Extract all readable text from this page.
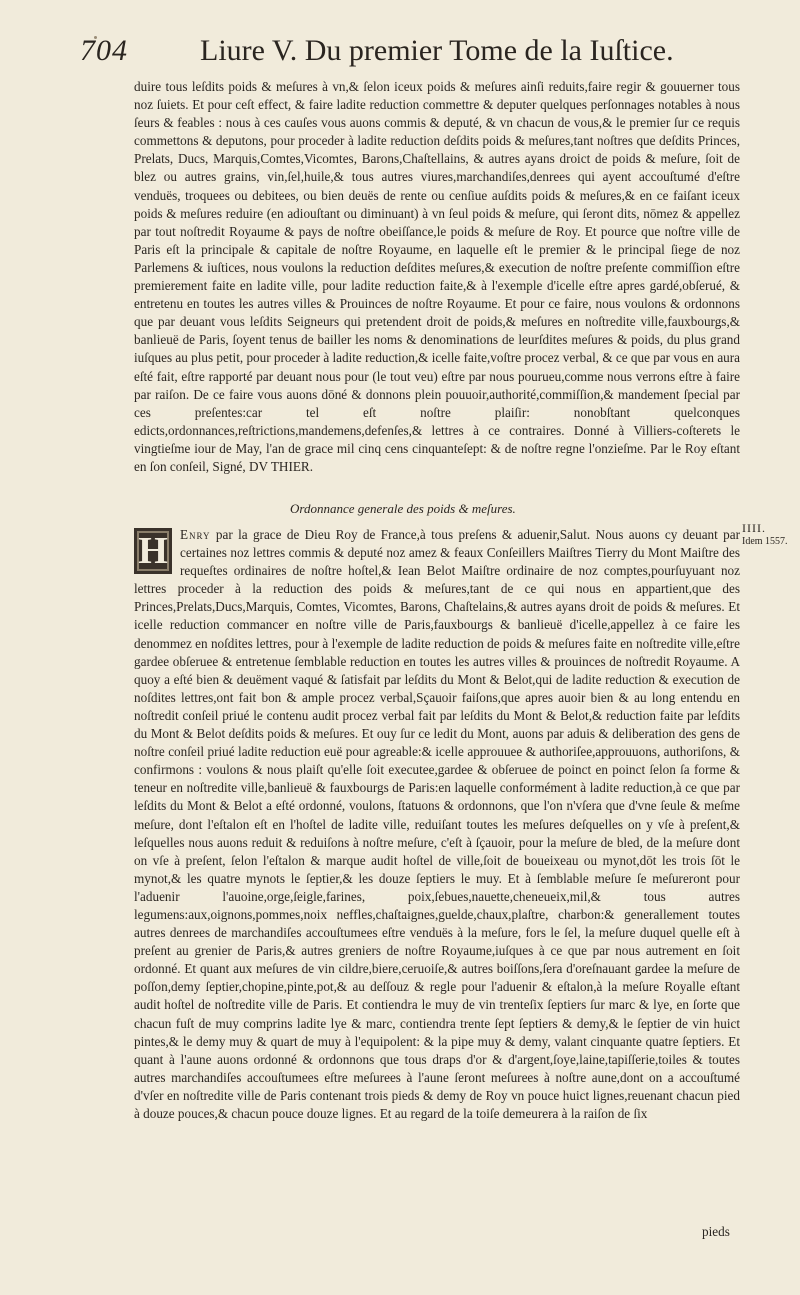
704 Liure V. Du premier Tome de la Iuſtice.

duire tous leſdits poids & meſures à vn,& ſelon iceux poids & meſures ainſi reduits,faire regir & gouuerner tous noz ſuiets. Et pour ceſt effect, & faire ladite reduction commettre & deputer quelques perſonnages notables à nous ſeurs & feables : nous à ces cauſes vous auons commis & deputé, & vn chacun de vous,& le premier ſur ce requis commettons & deputons, pour proceder à ladite reduction deſdits poids & meſures,tant noſtres que deſdits Princes, Prelats, Ducs, Marquis,Comtes,Vicomtes, Barons,Chaſtellains, & autres ayans droict de poids & meſure, ſoit de blez ou autres grains, vin,ſel,huile,& tous autres viures,marchandiſes,denrees qui ayent accouſtumé d'eſtre venduës, troquees ou debitees, ou bien deuës de rente ou cenſiue auſdits poids & meſures,& en ce faiſant iceux poids & meſures reduire (en adiouſtant ou diminuant) à vn ſeul poids & meſure, qui ſeront dits, nōmez & appellez par tout noſtredit Royaume & pays de noſtre obeiſſance,le poids & meſure de Roy. Et pource que noſtre ville de Paris eſt la principale & capitale de noſtre Royaume, en laquelle eſt le premier & le principal ſiege de noz Parlemens & iuſtices, nous voulons la reduction deſdites meſures,& execution de noſtre preſente commiſſion eſtre premierement faite en ladite ville, pour ladite reduction faite,& à l'exemple d'icelle eſtre apres gardé,obſerué, & entretenu en toutes les autres villes & Prouinces de noſtre Royaume. Et pour ce faire, nous voulons & ordonnons que par deuant vous leſdits Seigneurs qui pretendent droit de poids,& meſures en noſtredite ville,fauxbourgs,& banlieuë de Paris, ſoyent tenus de bailler les noms & denominations de leurſdites meſures & poids, du plus grand iuſques au plus petit, pour proceder à ladite reduction,& icelle faite,voſtre procez verbal, & ce que par vous en aura eſté fait, eſtre rapporté par deuant nous pour (le tout veu) eſtre par nous pourueu,comme nous verrons eſtre à faire par raiſon. De ce faire vous auons dōné & donnons plein pouuoir,authorité,commiſſion,& mandement ſpecial par ces preſentes:car tel eſt noſtre plaiſir: nonobſtant quelconques edicts,ordonnances,reſtrictions,mandemens,defenſes,& lettres à ce contraires. Donné à Villiers-coſterets le vingtieſme iour de May, l'an de grace mil cinq cens cinquanteſept: & de noſtre regne l'onzieſme. Par le Roy eſtant en ſon conſeil, Signé, DV THIER.

Ordonnance generale des poids & meſures.

H Enry par la grace de Dieu Roy de France,à tous preſens & aduenir,Salut. Nous auons cy deuant par certaines noz lettres commis & deputé noz amez & feaux Conſeillers Maiſtres Tierry du Mont Maiſtre des requeſtes ordinaires de noſtre hoſtel,& Iean Belot Maiſtre ordinaire de noz comptes,pourſuyuant noz lettres proceder à la reduction des poids & meſures,tant de ce qui nous en appartient,que des Princes,Prelats,Ducs,Marquis, Comtes, Vicomtes, Barons, Chaſtelains,& autres ayans droit de poids & meſures. Et icelle reduction commancer en noſtre ville de Paris,fauxbourgs & banlieuë d'icelle,appellez à ce faire les denommez en noſdites lettres, pour à l'exemple de ladite reduction de poids & meſures faite en noſtredite ville,eſtre gardee obſeruee & entretenue ſemblable reduction en toutes les autres villes & prouinces de noſtredit Royaume. A quoy a eſté bien & deuëment vaqué & ſatisfait par leſdits du Mont & Belot,qui de ladite reduction & execution de noſdites lettres,ont fait bon & ample procez verbal,Sçauoir faiſons,que apres auoir bien & au long entendu en noſtredit conſeil priué le contenu audit procez verbal fait par leſdits du Mont & Belot,& reduction faite par leſdits du Mont & Belot deſdits poids & meſures. Et ouy ſur ce ledit du Mont, auons par aduis & deliberation des gens de noſtre conſeil priué ladite reduction euë pour agreable:& icelle approuuee & authoriſee,approuuons, authoriſons, & confirmons : voulons & nous plaiſt qu'elle ſoit executee,gardee & obſeruee de poinct en poinct ſelon ſa forme & teneur en noſtredite ville,banlieuë & fauxbourgs de Paris:en laquelle conformément à ladite reduction,à ce que par leſdits du Mont & Belot a eſté ordonné, voulons, ſtatuons & ordonnons, que l'on n'vſera que d'vne ſeule & meſme meſure, dont l'eſtalon eſt en l'hoſtel de ladite ville, reduiſant toutes les meſures deſquelles on y vſe à preſent,& leſquelles nous auons reduit & reduiſons à noſtre meſure, c'eſt à ſçauoir, pour la meſure de bled, de la meſure dont on vſe à preſent, ſelon l'eſtalon & marque audit hoſtel de ville,ſoit de boueixeau ou mynot,dōt les trois ſōt le mynot,& les quatre mynots le ſeptier,& les douze ſeptiers le muy. Et à ſemblable meſure ſe meſureront pour l'aduenir l'auoine,orge,ſeigle,farines, poix,ſebues,nauette,cheneueix,mil,& tous autres legumens:aux,oignons,pommes,noix neffles,chaſtaignes,guelde,chaux,plaſtre, charbon:& generallement toutes autres denrees de marchandiſes accouſtumees eſtre venduës à la meſure, fors le ſel, la meſure duquel quelle eſt à preſent au grenier de Paris,& autres greniers de noſtre Royaume,iuſques à ce que par nous autrement en ſoit ordonné. Et quant aux meſures de vin cildre,biere,ceruoiſe,& autres boiſſons,ſera d'oreſnauant gardee la meſure de poſſon,demy ſeptier,chopine,pinte,pot,& au deſſouz & regle pour l'aduenir & eſtalon,à la meſure Royalle eſtant audit hoſtel de noſtredite ville de Paris. Et contiendra le muy de vin trenteſix ſeptiers ſur marc & lye, en ſorte que chacun fuſt de muy comprins ladite lye & marc, contiendra trente ſept ſeptiers & demy,& le ſeptier de vin huict pintes,& le demy muy & quart de muy à l'equipolent: & la pipe muy & demy, valant cinquante quatre ſeptiers. Et quant à l'aune auons ordonné & ordonnons que tous draps d'or & d'argent,ſoye,laine,tapiſſerie,toiles & toutes autres marchandiſes accouſtumees eſtre meſurees à l'aune ſeront meſurees à noſtre aune,dont on a accouſtumé d'vſer en noſtredite ville de Paris contenant trois pieds & demy de Roy vn pouce huict lignes,reuenant chacun pied à douze pouces,& chacun pouce douze lignes. Et au regard de la toiſe demeurera à la raiſon de ſix

IIII.
Idem 1557.
pieds
